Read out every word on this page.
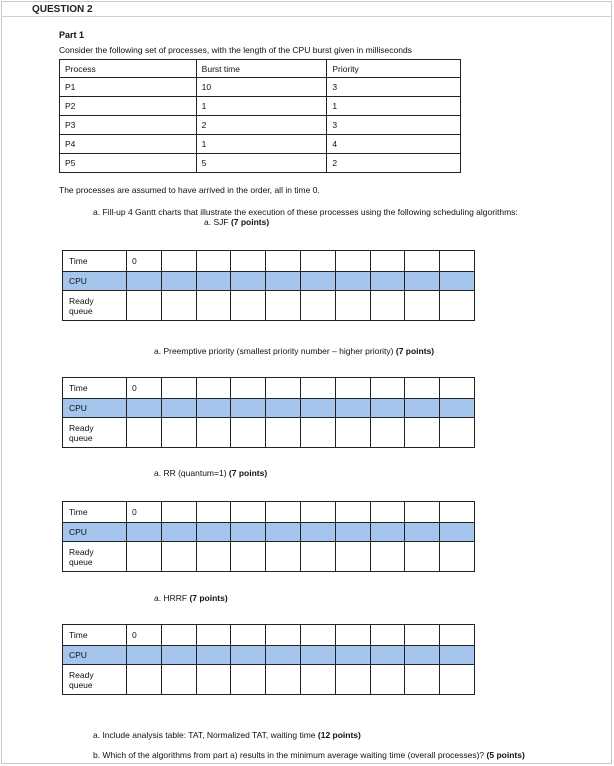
QUESTION 2
Part 1
Consider the following set of processes, with the length of the CPU burst given in milliseconds
Process	Burst time	Priority
P1	10	3
P2	1	1
P3	2	3
P4	1	4
P5	5	2
The processes are assumed to have arrived in the order, all in time 0.
a. Fill-up 4 Gantt charts that illustrate the execution of these processes using the following scheduling algorithms:
a. SJF (7 points)
Time	0									
CPU										
Ready
queue										
a. Preemptive priority (smallest priority number – higher priority) (7 points)
Time	0									
CPU										
Ready
queue										
a. RR (quantum=1) (7 points)
Time	0									
CPU										
Ready
queue										
a. HRRF (7 points)
Time	0									
CPU										
Ready
queue										
a. Include analysis table: TAT, Normalized TAT, waiting time (12 points)
b. Which of the algorithms from part a) results in the minimum average waiting time (overall processes)? (5 points)
